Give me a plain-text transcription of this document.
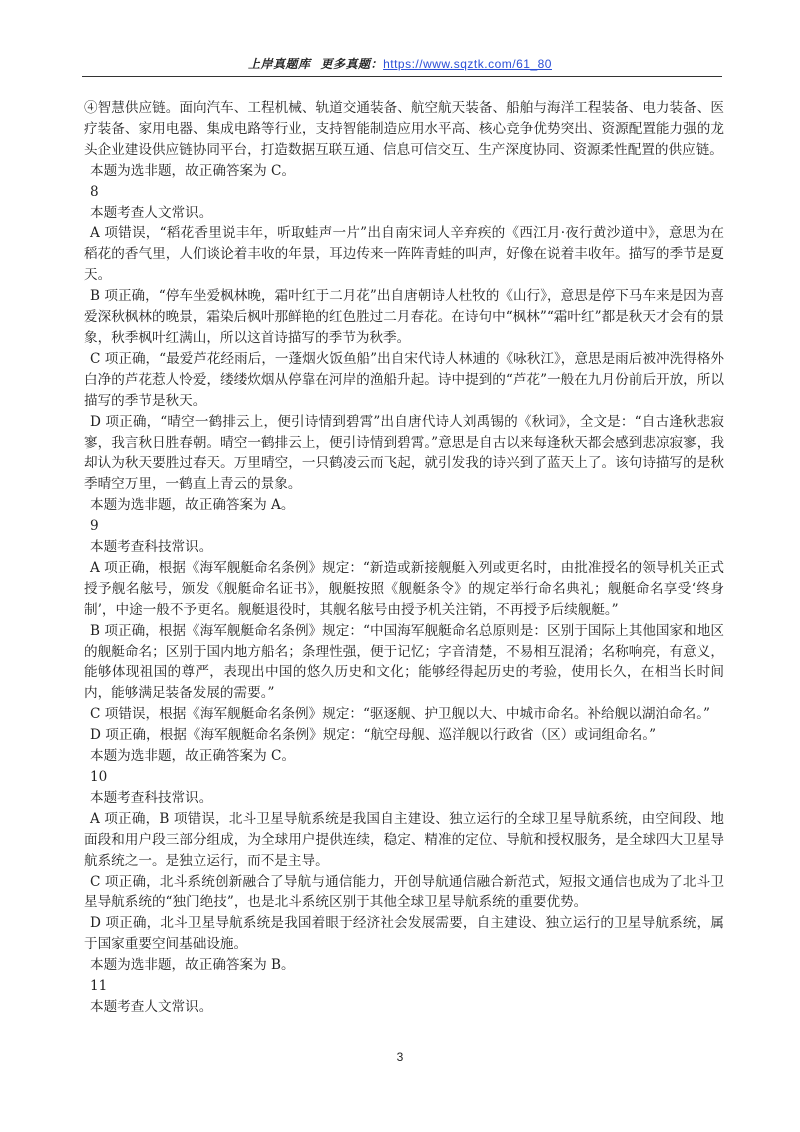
上岸真题库 更多真题：https://www.sqztk.com/61_80

④智慧供应链。面向汽车、工程机械、轨道交通装备、航空航天装备、船舶与海洋工程装备、电力装备、医疗装备、家用电器、集成电路等行业，支持智能制造应用水平高、核心竞争优势突出、资源配置能力强的龙头企业建设供应链协同平台，打造数据互联互通、信息可信交互、生产深度协同、资源柔性配置的供应链。

本题为选非题，故正确答案为 C。

8

本题考查人文常识。

A 项错误，“稻花香里说丰年，听取蛙声一片”出自南宋词人辛弃疾的《西江月·夜行黄沙道中》，意思为在稻花的香气里，人们谈论着丰收的年景，耳边传来一阵阵青蛙的叫声，好像在说着丰收年。描写的季节是夏天。

B 项正确，“停车坐爱枫林晚，霜叶红于二月花”出自唐朝诗人杜牧的《山行》，意思是停下马车来是因为喜爱深秋枫林的晚景，霜染后枫叶那鲜艳的红色胜过二月春花。在诗句中“枫林”“霜叶红”都是秋天才会有的景象，秋季枫叶红满山，所以这首诗描写的季节为秋季。

C 项正确，“最爱芦花经雨后，一蓬烟火饭鱼船”出自宋代诗人林逋的《咏秋江》，意思是雨后被冲洗得格外白净的芦花惹人怜爱，缕缕炊烟从停靠在河岸的渔船升起。诗中提到的“芦花”一般在九月份前后开放，所以描写的季节是秋天。

D 项正确，“晴空一鹤排云上，便引诗情到碧霄”出自唐代诗人刘禹锡的《秋词》，全文是：“自古逢秋悲寂寥，我言秋日胜春朝。晴空一鹤排云上，便引诗情到碧霄。”意思是自古以来每逢秋天都会感到悲凉寂寥，我却认为秋天要胜过春天。万里晴空，一只鹤凌云而飞起，就引发我的诗兴到了蓝天上了。该句诗描写的是秋季晴空万里，一鹤直上青云的景象。

本题为选非题，故正确答案为 A。

9

本题考查科技常识。

A 项正确，根据《海军舰艇命名条例》规定：“新造或新接舰艇入列或更名时，由批准授名的领导机关正式授予舰名舷号，颁发《舰艇命名证书》，舰艇按照《舰艇条令》的规定举行命名典礼；舰艇命名享受‘终身制’，中途一般不予更名。舰艇退役时，其舰名舷号由授予机关注销，不再授予后续舰艇。”

B 项正确，根据《海军舰艇命名条例》规定：“中国海军舰艇命名总原则是：区别于国际上其他国家和地区的舰艇命名；区别于国内地方船名；条理性强，便于记忆；字音清楚，不易相互混淆；名称响亮，有意义，能够体现祖国的尊严，表现出中国的悠久历史和文化；能够经得起历史的考验，使用长久，在相当长时间内，能够满足装备发展的需要。”

C 项错误，根据《海军舰艇命名条例》规定：“驱逐舰、护卫舰以大、中城市命名。补给舰以湖泊命名。”

D 项正确，根据《海军舰艇命名条例》规定：“航空母舰、巡洋舰以行政省（区）或词组命名。”

本题为选非题，故正确答案为 C。

10

本题考查科技常识。

A 项正确，B 项错误，北斗卫星导航系统是我国自主建设、独立运行的全球卫星导航系统，由空间段、地面段和用户段三部分组成，为全球用户提供连续，稳定、精准的定位、导航和授权服务，是全球四大卫星导航系统之一。是独立运行，而不是主导。

C 项正确，北斗系统创新融合了导航与通信能力，开创导航通信融合新范式，短报文通信也成为了北斗卫星导航系统的“独门绝技”，也是北斗系统区别于其他全球卫星导航系统的重要优势。

D 项正确，北斗卫星导航系统是我国着眼于经济社会发展需要，自主建设、独立运行的卫星导航系统，属于国家重要空间基础设施。

本题为选非题，故正确答案为 B。

11

本题考查人文常识。

3
